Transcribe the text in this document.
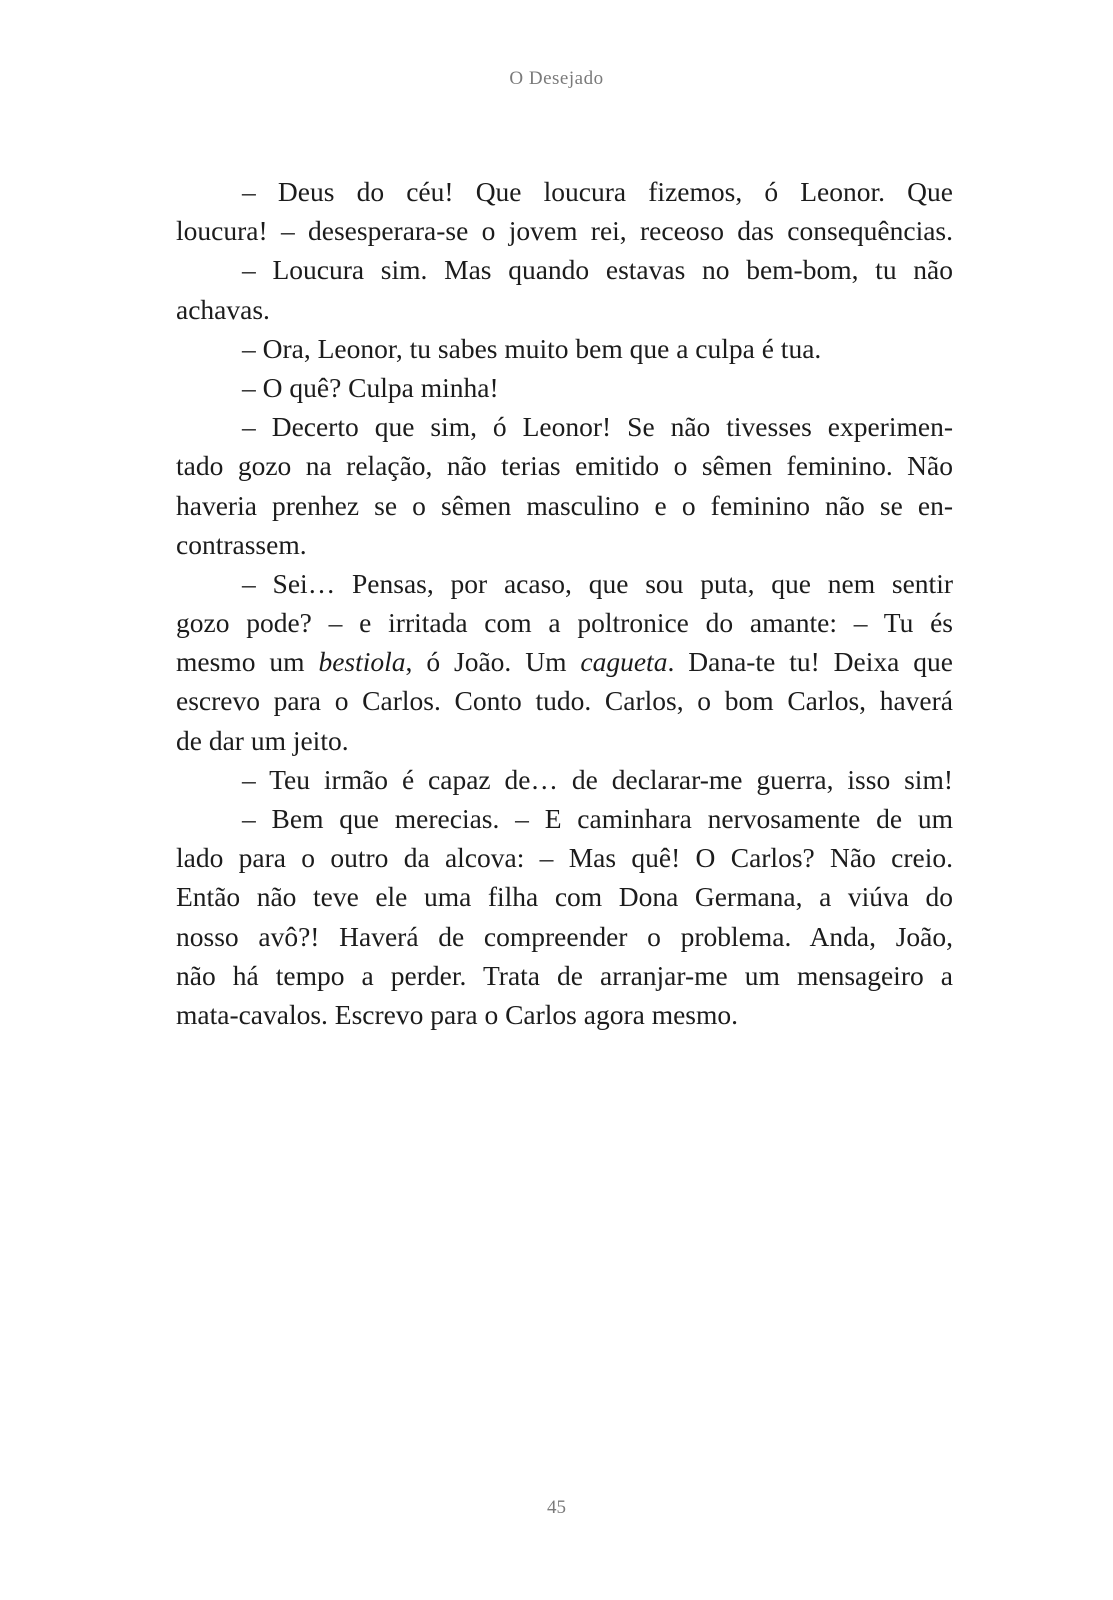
O Desejado
– Deus do céu! Que loucura fizemos, ó Leonor. Que
loucura! – desesperara-se o jovem rei, receoso das consequências.
– Loucura sim. Mas quando estavas no bem-bom, tu não
achavas.
– Ora, Leonor, tu sabes muito bem que a culpa é tua.
– O quê? Culpa minha!
– Decerto que sim, ó Leonor! Se não tivesses experimen-
tado gozo na relação, não terias emitido o sêmen feminino. Não
haveria prenhez se o sêmen masculino e o feminino não se en-
contrassem.
– Sei… Pensas, por acaso, que sou puta, que nem sentir
gozo pode? – e irritada com a poltronice do amante: – Tu és
mesmo um bestiola, ó João. Um cagueta. Dana-te tu! Deixa que
escrevo para o Carlos. Conto tudo. Carlos, o bom Carlos, haverá
de dar um jeito.
– Teu irmão é capaz de… de declarar-me guerra, isso sim!
– Bem que merecias. – E caminhara nervosamente de um
lado para o outro da alcova: – Mas quê! O Carlos? Não creio.
Então não teve ele uma filha com Dona Germana, a viúva do
nosso avô?! Haverá de compreender o problema. Anda, João,
não há tempo a perder. Trata de arranjar-me um mensageiro a
mata-cavalos. Escrevo para o Carlos agora mesmo.
45
